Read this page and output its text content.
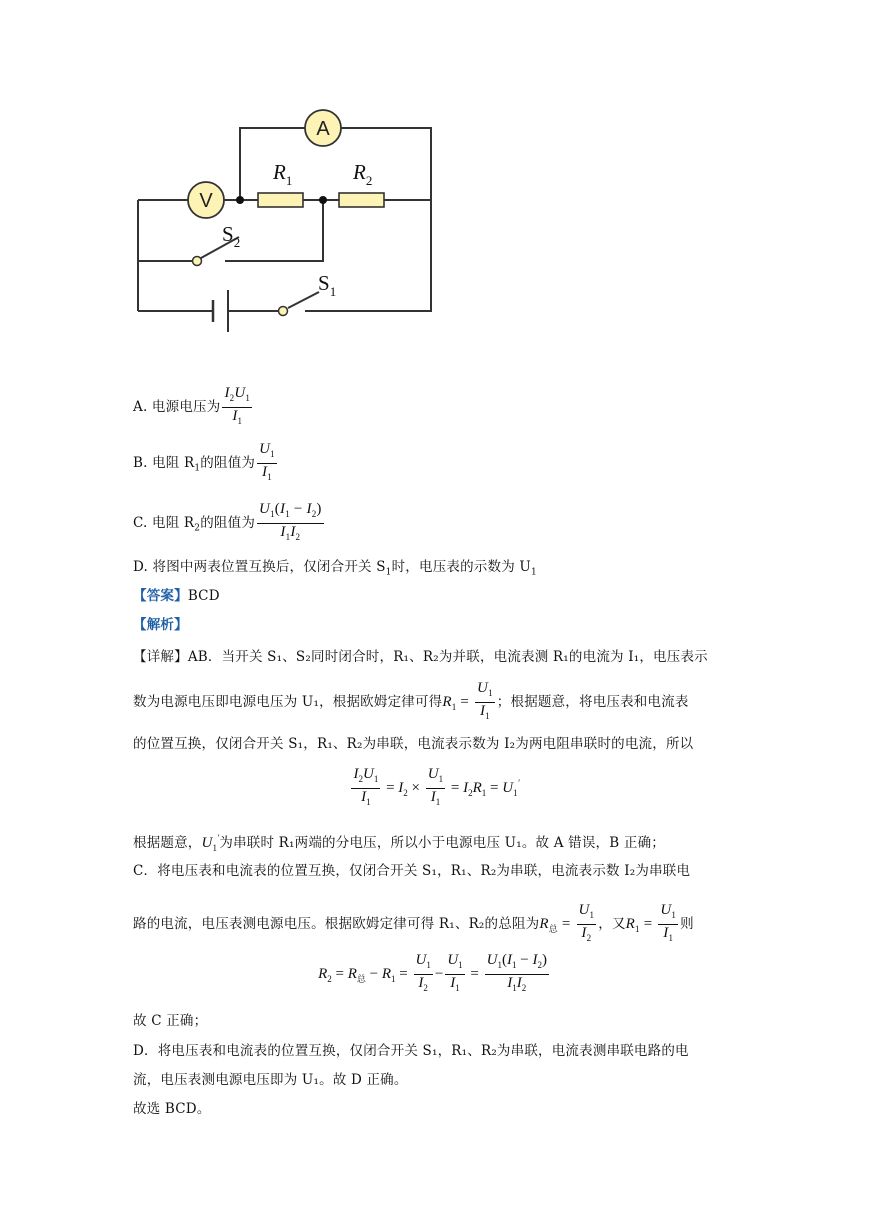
A
V
$R_1$	$R_2$
$S_2$
$S_1$
A. 电源电压为 $\frac{I_2U_1}{I_1}$
B. 电阻 $R_1$的阻值为 $\frac{U_1}{I_1}$
C. 电阻 $R_2$的阻值为 $\frac{U_1(I_1 - I_2)}{I_1I_2}$
D. 将图中两表位置互换后，仅闭合开关 $S_1$时，电压表的示数为 $U_1$
【答案】BCD
【解析】
【详解】AB．当开关 S₁、S₂同时闭合时，R₁、R₂为并联，电流表测 R₁的电流为 I₁，电压表示
数为电源电压即电源电压为 U₁，根据欧姆定律可得$R_1 = \frac{U_1}{I_1}$ ；根据题意，将电压表和电流表
的位置互换，仅闭合开关 S₁，R₁、R₂为串联，电流表示数为 I₂为两电阻串联时的电流，所以
$\frac{I_2U_1}{I_1} = I_2 \times \frac{U_1}{I_1} = I_2R_1 = U_1'$
根据题意，$U_1'$为串联时 R₁两端的分电压，所以小于电源电压 U₁。故 A 错误，B 正确；
C．将电压表和电流表的位置互换，仅闭合开关 S₁，R₁、R₂为串联，电流表示数 I₂为串联电
路的电流，电压表测电源电压。根据欧姆定律可得 R₁、R₂的总阻为$R_总 = \frac{U_1}{I_2}$ ，又$R_1 = \frac{U_1}{I_1}$ 则
$R_2 = R_总 - R_1 = \frac{U_1}{I_2} - \frac{U_1}{I_1} = \frac{U_1(I_1 - I_2)}{I_1I_2}$
故 C 正确；
D．将电压表和电流表的位置互换，仅闭合开关 S₁，R₁、R₂为串联，电流表测串联电路的电
流，电压表测电源电压即为 U₁。故 D 正确。
故选 BCD。
